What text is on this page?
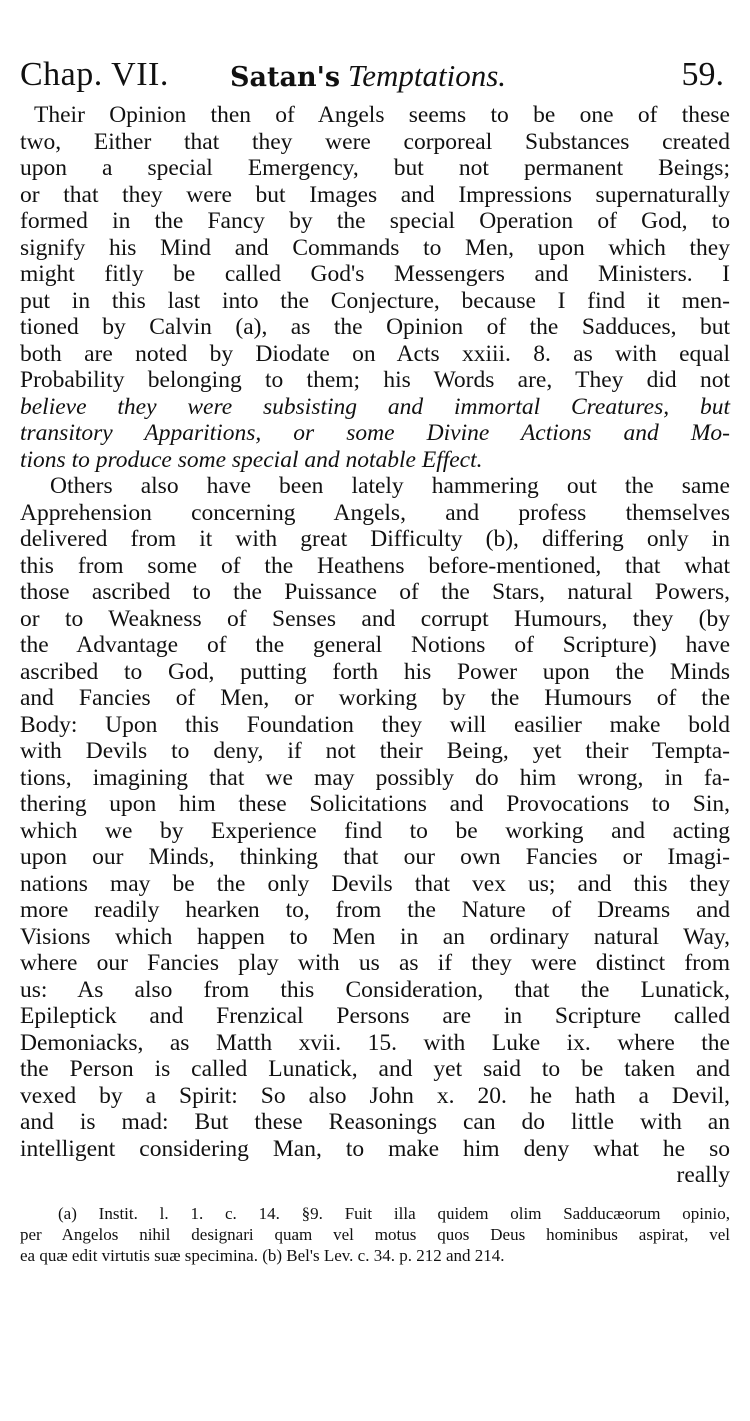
Chap. VII. Satan's Temptations.	59.
Their Opinion then of Angels seems to be one of these
two, Either that they were corporeal Substances created
upon a special Emergency, but not permanent Beings;
or that they were but Images and Impressions supernaturally
formed in the Fancy by the special Operation of God, to
signify his Mind and Commands to Men, upon which they
might fitly be called God's Messengers and Ministers. I
put in this last into the Conjecture, because I find it men-
tioned by Calvin (a), as the Opinion of the Sadduces, but
both are noted by Diodate on Acts xxiii. 8. as with equal
Probability belonging to them; his Words are, They did not
believe they were subsisting and immortal Creatures, but
transitory Apparitions, or some Divine Actions and Mo-
tions to produce some special and notable Effect.
Others also have been lately hammering out the same
Apprehension concerning Angels, and profess themselves
delivered from it with great Difficulty (b), differing only in
this from some of the Heathens before-mentioned, that what
those ascribed to the Puissance of the Stars, natural Powers,
or to Weakness of Senses and corrupt Humours, they (by
the Advantage of the general Notions of Scripture) have
ascribed to God, putting forth his Power upon the Minds
and Fancies of Men, or working by the Humours of the
Body: Upon this Foundation they will easilier make bold
with Devils to deny, if not their Being, yet their Tempta-
tions, imagining that we may possibly do him wrong, in fa-
thering upon him these Solicitations and Provocations to Sin,
which we by Experience find to be working and acting
upon our Minds, thinking that our own Fancies or Imagi-
nations may be the only Devils that vex us; and this they
more readily hearken to, from the Nature of Dreams and
Visions which happen to Men in an ordinary natural Way,
where our Fancies play with us as if they were distinct from
us: As also from this Consideration, that the Lunatick,
Epileptick and Frenzical Persons are in Scripture called
Demoniacks, as Matth xvii. 15. with Luke ix. where the
the Person is called Lunatick, and yet said to be taken and
vexed by a Spirit: So also John x. 20. he hath a Devil,
and is mad: But these Reasonings can do little with an
intelligent considering Man, to make him deny what he so
really
(a) Instit. l. 1. c. 14. §9. Fuit illa quidem olim Sadducæorum opinio,
per Angelos nihil designari quam vel motus quos Deus hominibus aspirat, vel
ea quæ edit virtutis suæ specimina. (b) Bel's Lev. c. 34. p. 212 and 214.
